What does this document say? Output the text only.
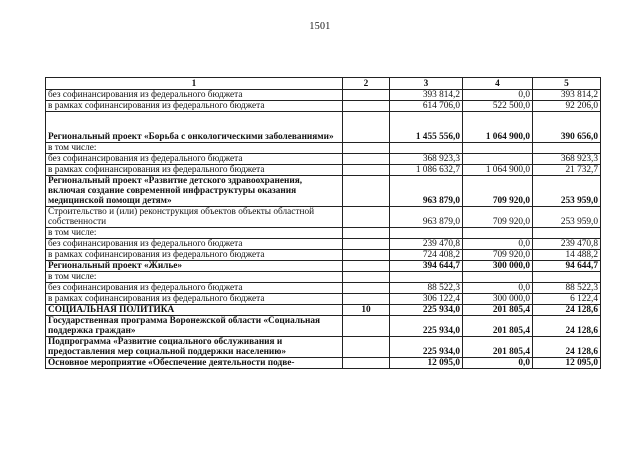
1501
1	2	3	4	5
без софинансирования из федерального бюджета		393 814,2	0,0	393 814,2
в рамках софинансирования из федерального бюджета		614 706,0	522 500,0	92 206,0
Региональный проект «Борьба с онкологическими заболеваниями»		1 455 556,0	1 064 900,0	390 656,0
в том числе:				
без софинансирования из федерального бюджета		368 923,3		368 923,3
в рамках софинансирования из федерального бюджета		1 086 632,7	1 064 900,0	21 732,7
Региональный проект «Развитие детского здравоохранения, включая создание современной инфраструктуры оказания медицинской помощи детям»		963 879,0	709 920,0	253 959,0
Строительство и (или) реконструкция объектов объекты областной собственности		963 879,0	709 920,0	253 959,0
в том числе:				
без софинансирования из федерального бюджета		239 470,8	0,0	239 470,8
в рамках софинансирования из федерального бюджета		724 408,2	709 920,0	14 488,2
Региональный проект «Жилье»		394 644,7	300 000,0	94 644,7
в том числе:				
без софинансирования из федерального бюджета		88 522,3	0,0	88 522,3
в рамках софинансирования из федерального бюджета		306 122,4	300 000,0	6 122,4
СОЦИАЛЬНАЯ ПОЛИТИКА	10	225 934,0	201 805,4	24 128,6
Государственная программа Воронежской области «Социальная поддержка граждан»		225 934,0	201 805,4	24 128,6
Подпрограмма «Развитие социального обслуживания и предоставления мер социальной поддержки населению»		225 934,0	201 805,4	24 128,6
Основное мероприятие «Обеспечение деятельности подве-		12 095,0	0,0	12 095,0
